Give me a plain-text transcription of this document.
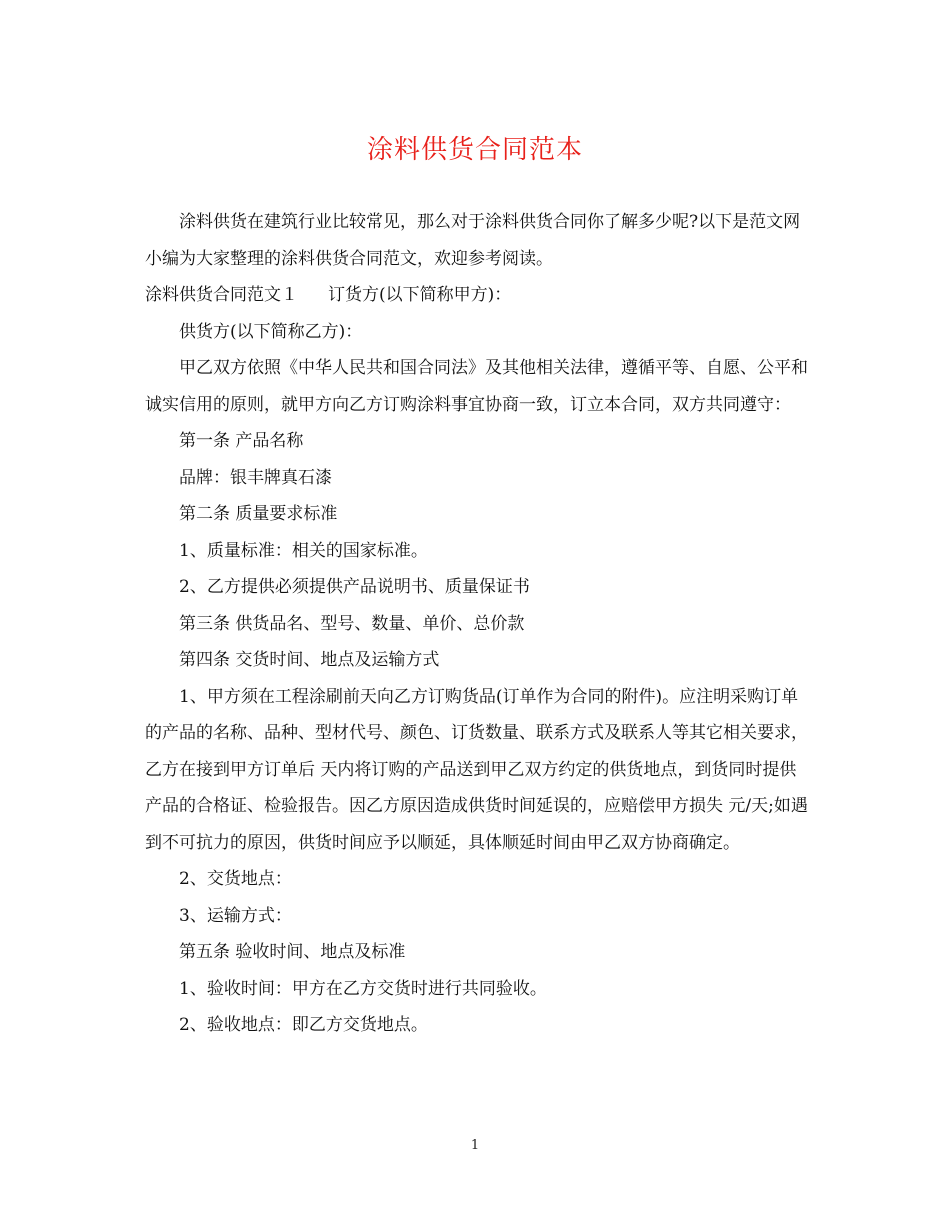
涂料供货合同范本

涂料供货在建筑行业比较常见，那么对于涂料供货合同你了解多少呢?以下是范文网小编为大家整理的涂料供货合同范文，欢迎参考阅读。

涂料供货合同范文１ 订货方(以下简称甲方)：

供货方(以下简称乙方)：

甲乙双方依照《中华人民共和国合同法》及其他相关法律，遵循平等、自愿、公平和诚实信用的原则，就甲方向乙方订购涂料事宜协商一致，订立本合同，双方共同遵守：

第一条 产品名称

品牌：银丰牌真石漆

第二条 质量要求标准

1、质量标准：相关的国家标准。

2、乙方提供必须提供产品说明书、质量保证书

第三条 供货品名、型号、数量、单价、总价款

第四条 交货时间、地点及运输方式

1、甲方须在工程涂刷前天向乙方订购货品(订单作为合同的附件)。应注明采购订单的产品的名称、品种、型材代号、颜色、订货数量、联系方式及联系人等其它相关要求，乙方在接到甲方订单后 天内将订购的产品送到甲乙双方约定的供货地点，到货同时提供产品的合格证、检验报告。因乙方原因造成供货时间延误的，应赔偿甲方损失 元/天;如遇到不可抗力的原因，供货时间应予以顺延，具体顺延时间由甲乙双方协商确定。

2、交货地点：

3、运输方式：

第五条 验收时间、地点及标准

1、验收时间：甲方在乙方交货时进行共同验收。

2、验收地点：即乙方交货地点。

1
